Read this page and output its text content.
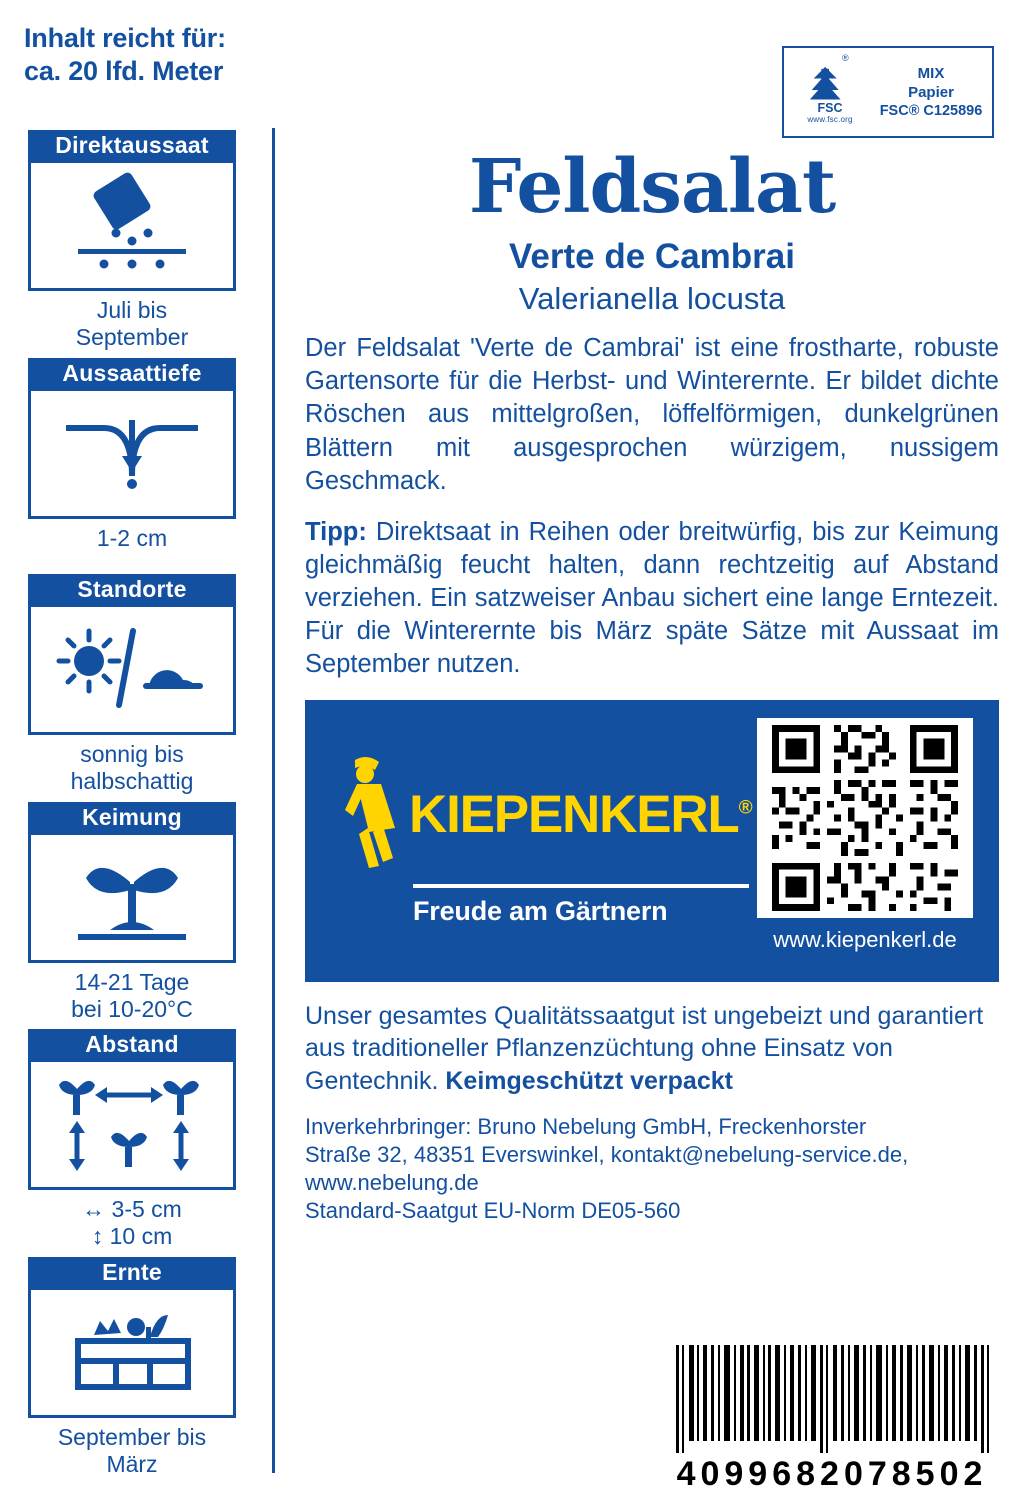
Inhalt reicht für:
ca. 20 lfd. Meter
FSC
www.fsc.org
MIX
Papier
FSC® C125896
®
Direktaussaat
Juli bis
September
Aussaattiefe
1-2 cm
Standorte
sonnig bis
halbschattig
Keimung
14-21 Tage
bei 10-20°C
Abstand
↔ 3-5 cm
↕ 10 cm
Ernte
September bis
März
Feldsalat
Verte de Cambrai
Valerianella locusta
Der Feldsalat 'Verte de Cambrai' ist eine frostharte, robuste Gartensorte für die Herbst- und Winterernte. Er bildet dichte Röschen aus mittelgroßen, löffelförmigen, dunkelgrünen Blättern mit ausgesprochen würzigem, nussigem Geschmack.
Tipp: Direktsaat in Reihen oder breitwürfig, bis zur Keimung gleichmäßig feucht halten, dann rechtzeitig auf Abstand verziehen. Ein satzweiser Anbau sichert eine lange Erntezeit. Für die Winterernte bis März späte Sätze mit Aussaat im September nutzen.
KIEPENKERL®
Freude am Gärtnern
www.kiepenkerl.de
Unser gesamtes Qualitätssaatgut ist ungebeizt und garantiert aus traditioneller Pflanzenzüchtung ohne Einsatz von Gentechnik. Keimgeschützt verpackt
Inverkehrbringer: Bruno Nebelung GmbH, Freckenhorster
Straße 32, 48351 Everswinkel, kontakt@nebelung-service.de,
www.nebelung.de
Standard-Saatgut EU-Norm DE05-560
4099682078502
